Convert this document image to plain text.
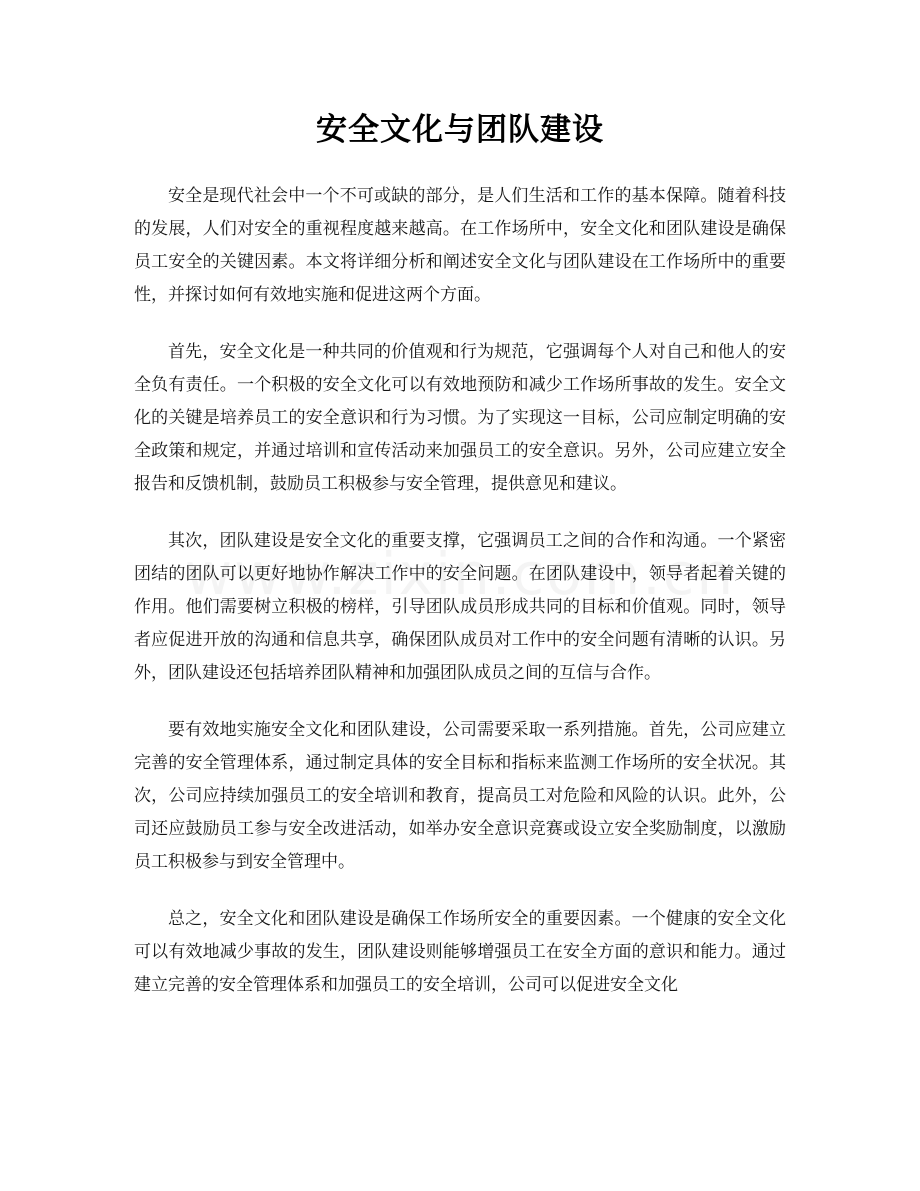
安全文化与团队建设

安全是现代社会中一个不可或缺的部分，是人们生活和工作的基本保障。随着科技的发展，人们对安全的重视程度越来越高。在工作场所中，安全文化和团队建设是确保员工安全的关键因素。本文将详细分析和阐述安全文化与团队建设在工作场所中的重要性，并探讨如何有效地实施和促进这两个方面。

首先，安全文化是一种共同的价值观和行为规范，它强调每个人对自己和他人的安全负有责任。一个积极的安全文化可以有效地预防和减少工作场所事故的发生。安全文化的关键是培养员工的安全意识和行为习惯。为了实现这一目标，公司应制定明确的安全政策和规定，并通过培训和宣传活动来加强员工的安全意识。另外，公司应建立安全报告和反馈机制，鼓励员工积极参与安全管理，提供意见和建议。

其次，团队建设是安全文化的重要支撑，它强调员工之间的合作和沟通。一个紧密团结的团队可以更好地协作解决工作中的安全问题。在团队建设中，领导者起着关键的作用。他们需要树立积极的榜样，引导团队成员形成共同的目标和价值观。同时，领导者应促进开放的沟通和信息共享，确保团队成员对工作中的安全问题有清晰的认识。另外，团队建设还包括培养团队精神和加强团队成员之间的互信与合作。

要有效地实施安全文化和团队建设，公司需要采取一系列措施。首先，公司应建立完善的安全管理体系，通过制定具体的安全目标和指标来监测工作场所的安全状况。其次，公司应持续加强员工的安全培训和教育，提高员工对危险和风险的认识。此外，公司还应鼓励员工参与安全改进活动，如举办安全意识竞赛或设立安全奖励制度，以激励员工积极参与到安全管理中。

总之，安全文化和团队建设是确保工作场所安全的重要因素。一个健康的安全文化可以有效地减少事故的发生，团队建设则能够增强员工在安全方面的意识和能力。通过建立完善的安全管理体系和加强员工的安全培训，公司可以促进安全文化
